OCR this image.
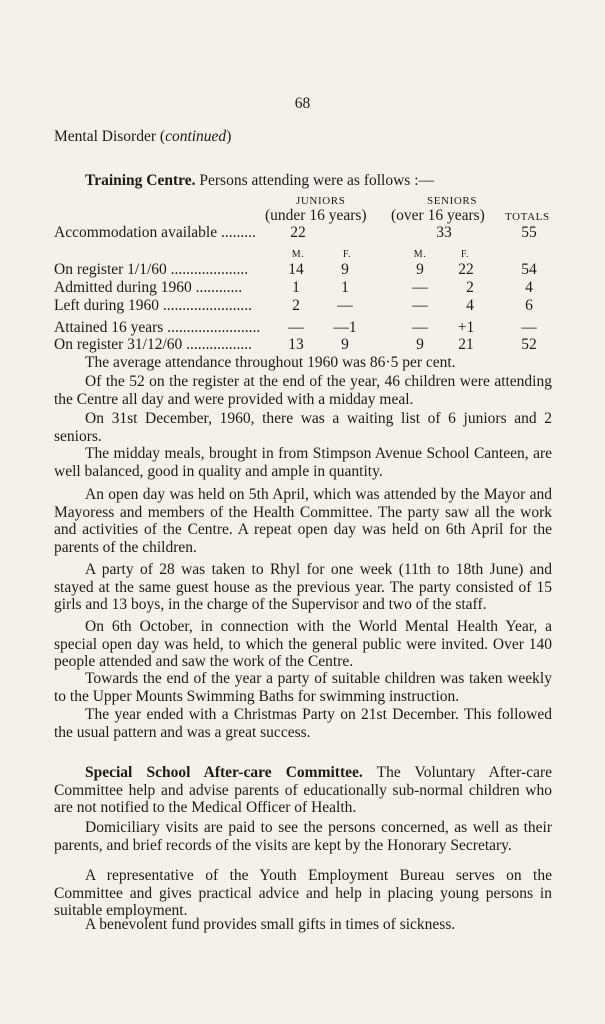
68
Mental Disorder (continued)
Training Centre. Persons attending were as follows :—
JUNIORS	SENIORS
(under 16 years) (over 16 years) TOTALS
Accommodation available .........	22	33	55
M.	F.	M.	F.
On register 1/1/60 ....................	14	9	9	22	54
Admitted during 1960 ............	1	1	—	2	4
Left during 1960 .......................	2	—	—	4	6
Attained 16 years ........................	—	—1	—	+1	—
On register 31/12/60 .................	13	9	9	21	52
The average attendance throughout 1960 was 86·5 per cent.
Of the 52 on the register at the end of the year, 46 children were attending the Centre all day and were provided with a midday meal.
On 31st December, 1960, there was a waiting list of 6 juniors and 2 seniors.
The midday meals, brought in from Stimpson Avenue School Canteen, are well balanced, good in quality and ample in quantity.
An open day was held on 5th April, which was attended by the Mayor and Mayoress and members of the Health Committee. The party saw all the work and activities of the Centre. A repeat open day was held on 6th April for the parents of the children.
A party of 28 was taken to Rhyl for one week (11th to 18th June) and stayed at the same guest house as the previous year. The party consisted of 15 girls and 13 boys, in the charge of the Supervisor and two of the staff.
On 6th October, in connection with the World Mental Health Year, a special open day was held, to which the general public were invited. Over 140 people attended and saw the work of the Centre.
Towards the end of the year a party of suitable children was taken weekly to the Upper Mounts Swimming Baths for swimming instruction.
The year ended with a Christmas Party on 21st December. This followed the usual pattern and was a great success.
Special School After-care Committee. The Voluntary After-care Committee help and advise parents of educationally sub-normal children who are not notified to the Medical Officer of Health.
Domiciliary visits are paid to see the persons concerned, as well as their parents, and brief records of the visits are kept by the Honorary Secretary.
A representative of the Youth Employment Bureau serves on the Committee and gives practical advice and help in placing young persons in suitable employment.
A benevolent fund provides small gifts in times of sickness.
